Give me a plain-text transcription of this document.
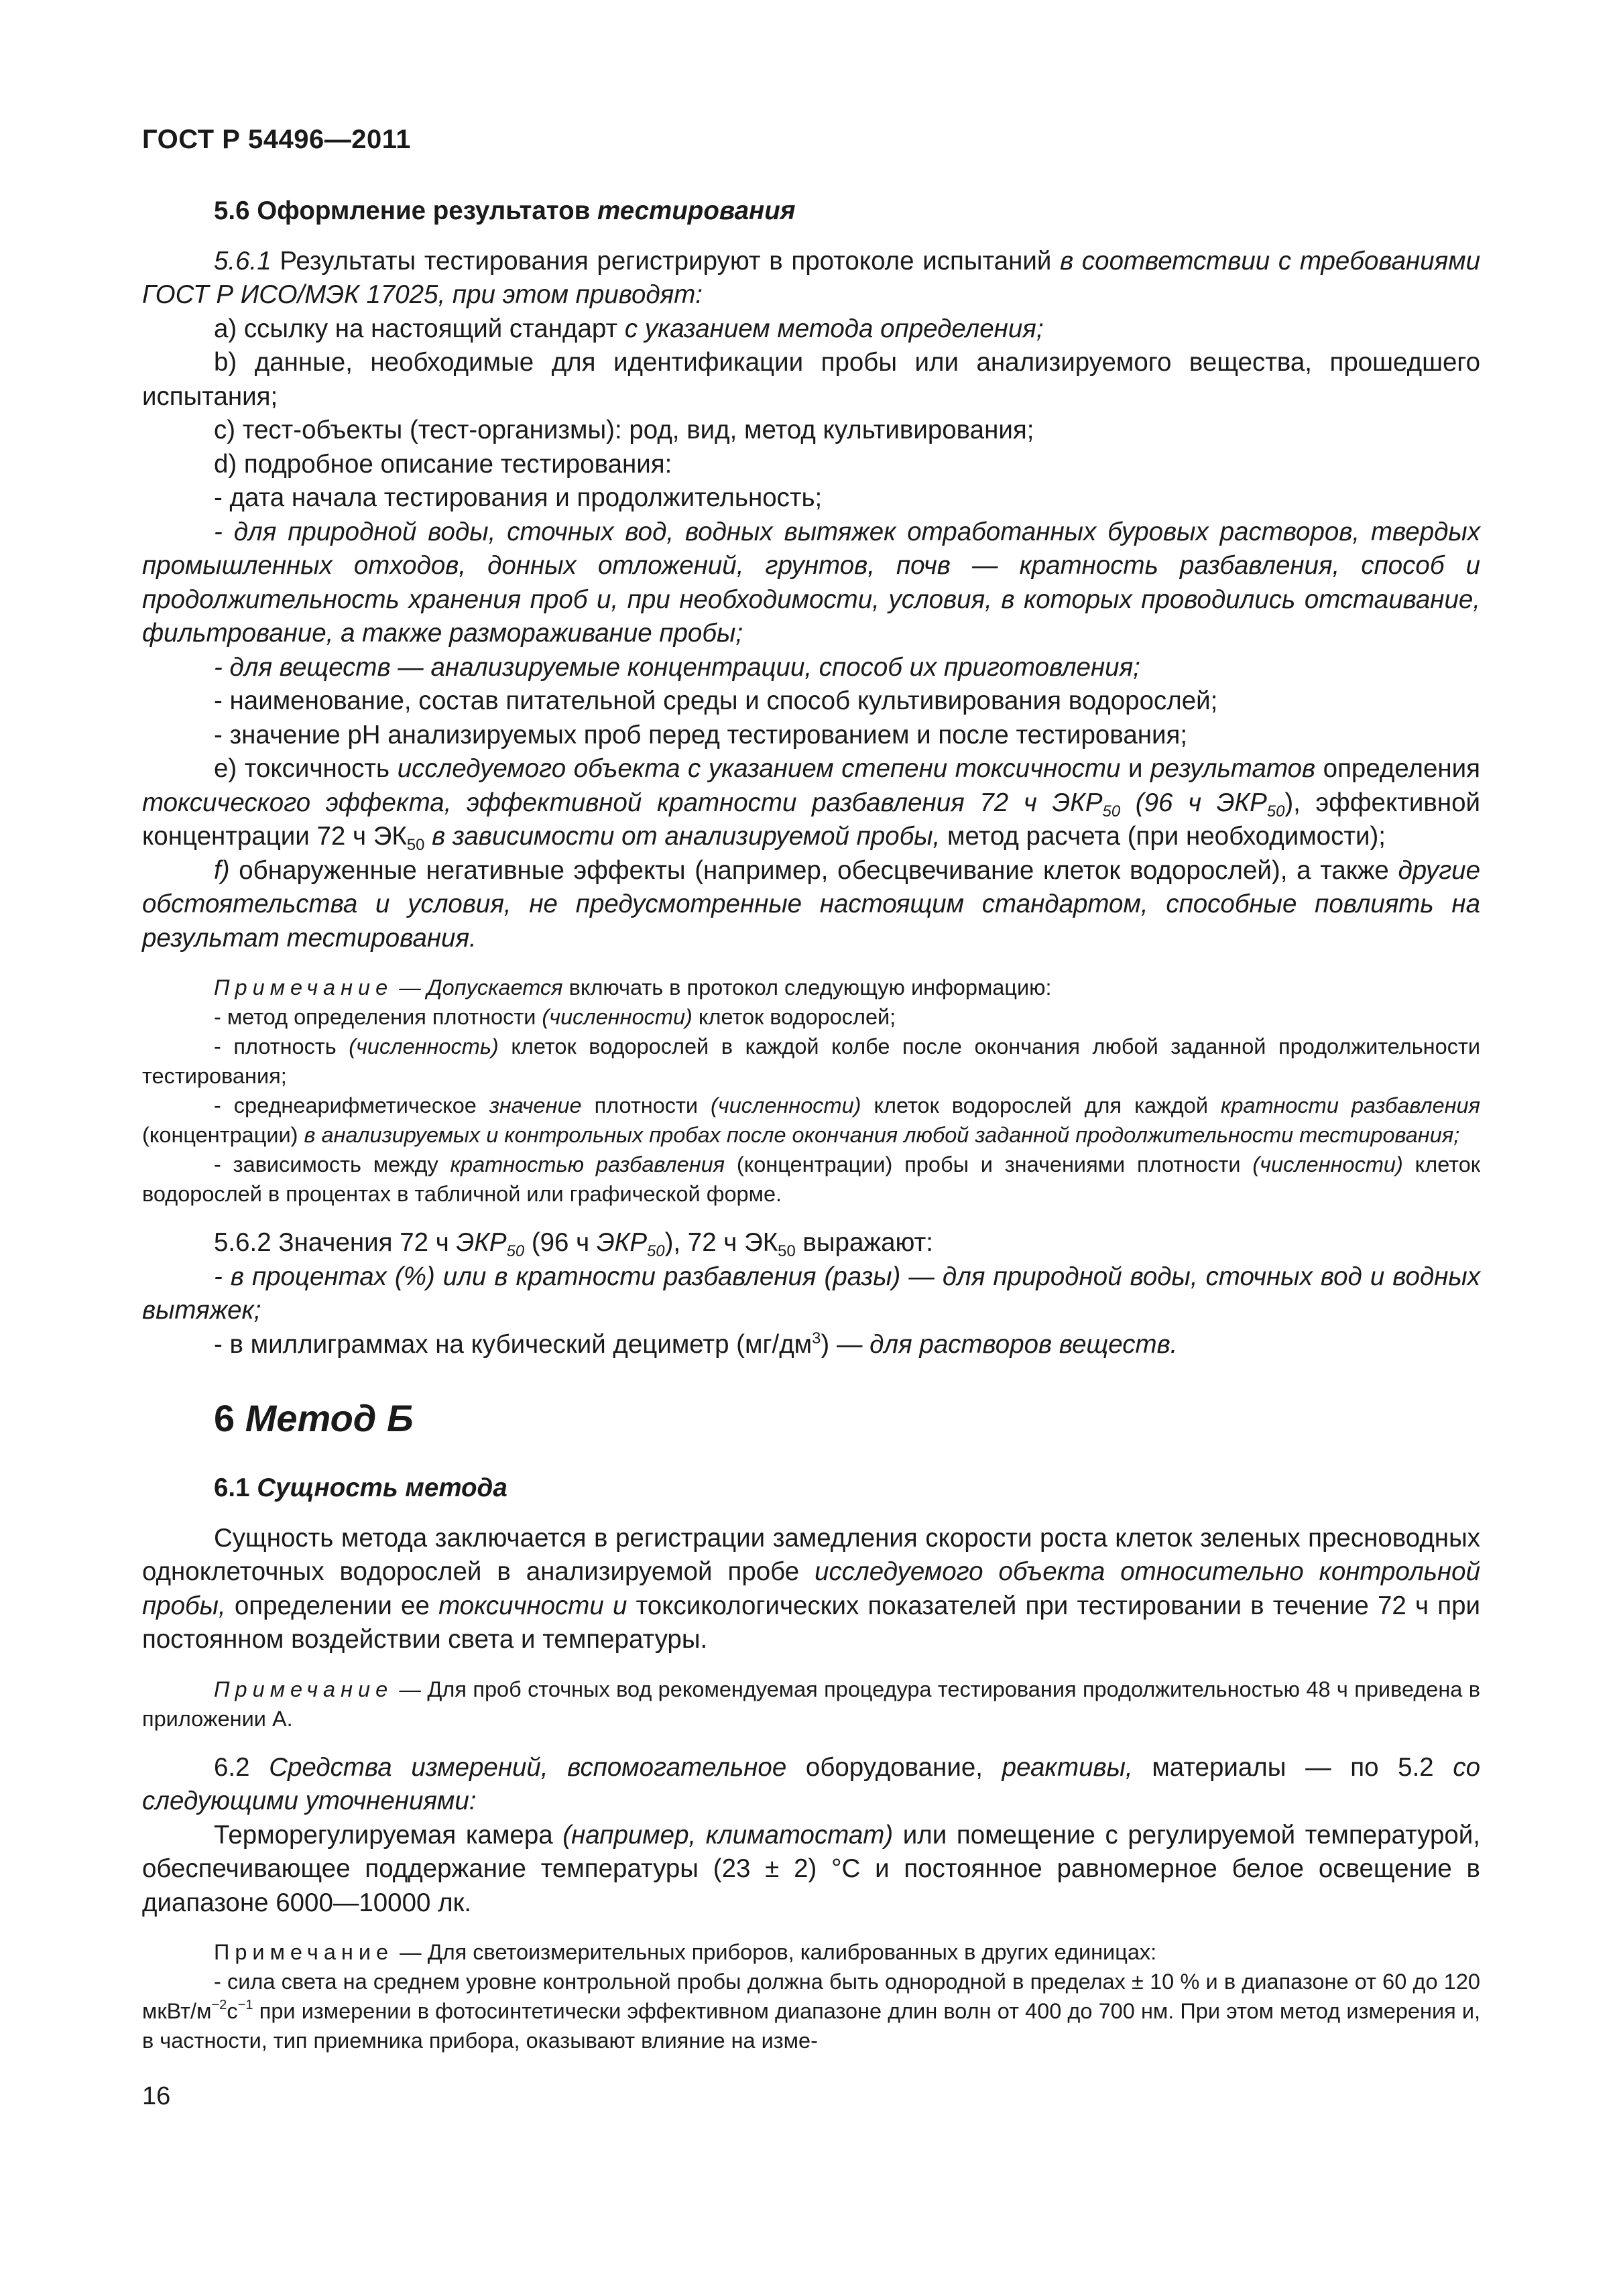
ГОСТ Р 54496—2011

5.6 Оформление результатов тестирования

5.6.1 Результаты тестирования регистрируют в протоколе испытаний в соответствии с требованиями ГОСТ Р ИСО/МЭК 17025, при этом приводят:

а) ссылку на настоящий стандарт с указанием метода определения;

b) данные, необходимые для идентификации пробы или анализируемого вещества, прошедшего испытания;

c) тест-объекты (тест-организмы): род, вид, метод культивирования;

d) подробное описание тестирования:

- дата начала тестирования и продолжительность;

- для природной воды, сточных вод, водных вытяжек отработанных буровых растворов, твердых промышленных отходов, донных отложений, грунтов, почв — кратность разбавления, способ и продолжительность хранения проб и, при необходимости, условия, в которых проводились отстаивание, фильтрование, а также размораживание пробы;

- для веществ — анализируемые концентрации, способ их приготовления;

- наименование, состав питательной среды и способ культивирования водорослей;

- значение pH анализируемых проб перед тестированием и после тестирования;

е) токсичность исследуемого объекта с указанием степени токсичности и результатов определения токсического эффекта, эффективной кратности разбавления 72 ч $ЭКР_{50}$ (96 ч $ЭКР_{50}$), эффективной концентрации 72 ч $ЭК_{50}$ в зависимости от анализируемой пробы, метод расчета (при необходимости);

f) обнаруженные негативные эффекты (например, обесцвечивание клеток водорослей), а также другие обстоятельства и условия, не предусмотренные настоящим стандартом, способные повлиять на результат тестирования.

Примечание — Допускается включать в протокол следующую информацию:

- метод определения плотности (численности) клеток водорослей;

- плотность (численность) клеток водорослей в каждой колбе после окончания любой заданной продолжительности тестирования;

- среднеарифметическое значение плотности (численности) клеток водорослей для каждой кратности разбавления (концентрации) в анализируемых и контрольных пробах после окончания любой заданной продолжительности тестирования;

- зависимость между кратностью разбавления (концентрации) пробы и значениями плотности (численности) клеток водорослей в процентах в табличной или графической форме.

5.6.2 Значения 72 ч $ЭКР_{50}$ (96 ч $ЭКР_{50}$), 72 ч $ЭК_{50}$ выражают:

- в процентах (%) или в кратности разбавления (разы) — для природной воды, сточных вод и водных вытяжек;

- в миллиграммах на кубический дециметр $(мг/дм^3)$ — для растворов веществ.

6 Метод Б

6.1 Сущность метода

Сущность метода заключается в регистрации замедления скорости роста клеток зеленых пресноводных одноклеточных водорослей в анализируемой пробе исследуемого объекта относительно контрольной пробы, определении ее токсичности и токсикологических показателей при тестировании в течение 72 ч при постоянном воздействии света и температуры.

Примечание — Для проб сточных вод рекомендуемая процедура тестирования продолжительностью 48 ч приведена в приложении А.

6.2 Средства измерений, вспомогательное оборудование, реактивы, материалы — по 5.2 со следующими уточнениями:

Терморегулируемая камера (например, климатостат) или помещение с регулируемой температурой, обеспечивающее поддержание температуры (23 ± 2) °С и постоянное равномерное белое освещение в диапазоне 6000—10000 лк.

Примечание — Для светоизмерительных приборов, калиброванных в других единицах:

- сила света на среднем уровне контрольной пробы должна быть однородной в пределах ± 10 % и в диапазоне от 60 до 120 мкВт/$м^{-2}с^{-1}$ при измерении в фотосинтетически эффективном диапазоне длин волн от 400 до 700 нм. При этом метод измерения и, в частности, тип приемника прибора, оказывают влияние на изме-

16
